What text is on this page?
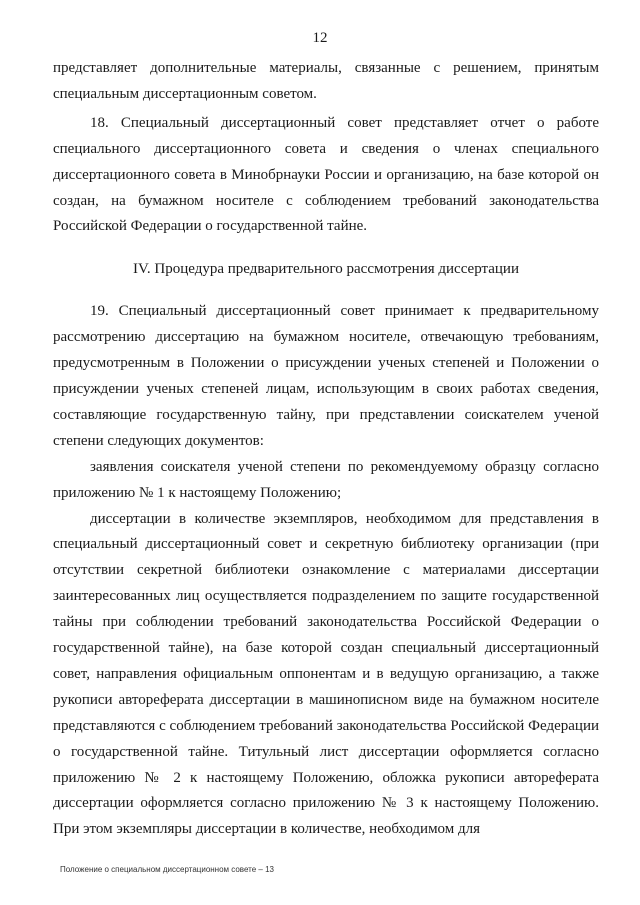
12

представляет дополнительные материалы, связанные с решением, принятым специальным диссертационным советом.

18. Специальный диссертационный совет представляет отчет о работе специального диссертационного совета и сведения о членах специального диссертационного совета в Минобрнауки России и организацию, на базе которой он создан, на бумажном носителе с соблюдением требований законодательства Российской Федерации о государственной тайне.

IV. Процедура предварительного рассмотрения диссертации

19. Специальный диссертационный совет принимает к предварительному рассмотрению диссертацию на бумажном носителе, отвечающую требованиям, предусмотренным в Положении о присуждении ученых степеней и Положении о присуждении ученых степеней лицам, использующим в своих работах сведения, составляющие государственную тайну, при представлении соискателем ученой степени следующих документов:

заявления соискателя ученой степени по рекомендуемому образцу согласно приложению № 1 к настоящему Положению;

диссертации в количестве экземпляров, необходимом для представления в специальный диссертационный совет и секретную библиотеку организации (при отсутствии секретной библиотеки ознакомление с материалами диссертации заинтересованных лиц осуществляется подразделением по защите государственной тайны при соблюдении требований законодательства Российской Федерации о государственной тайне), на базе которой создан специальный диссертационный совет, направления официальным оппонентам и в ведущую организацию, а также рукописи автореферата диссертации в машинописном виде на бумажном носителе представляются с соблюдением требований законодательства Российской Федерации о государственной тайне. Титульный лист диссертации оформляется согласно приложению № 2 к настоящему Положению, обложка рукописи автореферата диссертации оформляется согласно приложению № 3 к настоящему Положению. При этом экземпляры диссертации в количестве, необходимом для

Положение о специальном диссертационном совете – 13
